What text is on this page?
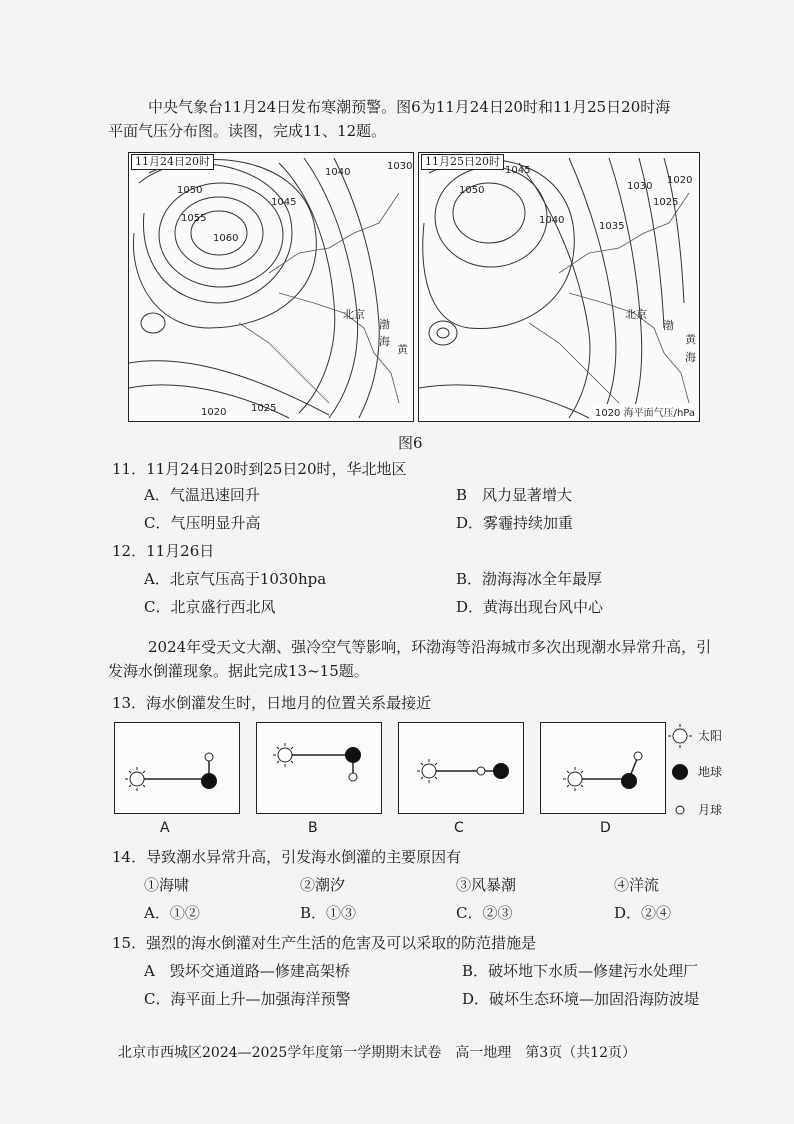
中央气象台11月24日发布寒潮预警。图6为11月24日20时和11月25日20时海
平面气压分布图。读图，完成11、12题。
1030
1050
1045
1040
1055
1060
1020 1025
北京
渤
海
黄
11月24日20时
1050
1045
1040
1035
1030
1025
1020
北京
渤
黄
海
11月25日20时
1020 海平面气压/hPa
图6
11．11月24日20时到25日20时，华北地区
A．气温迅速回升	B　风力显著增大
C．气压明显升高	D．雾霾持续加重
12．11月26日
A．北京气压高于1030hpa	B．渤海海冰全年最厚
C．北京盛行西北风	D．黄海出现台风中心
2024年受天文大潮、强冷空气等影响，环渤海等沿海城市多次出现潮水异常升高，引
发海水倒灌现象。据此完成13~15题。
13．海水倒灌发生时，日地月的位置关系最接近
太阳
地球
月球
A	B	C	D
14．导致潮水异常升高，引发海水倒灌的主要原因有
①海啸	②潮汐	③风暴潮	④洋流
A．①②	B．①③	C．②③	D．②④
15．强烈的海水倒灌对生产生活的危害及可以采取的防范措施是
A　毁坏交通道路—修建高架桥	B．破坏地下水质—修建污水处理厂
C．海平面上升—加强海洋预警	D．破坏生态环境—加固沿海防波堤
北京市西城区2024—2025学年度第一学期期末试卷　高一地理　第3页（共12页）
